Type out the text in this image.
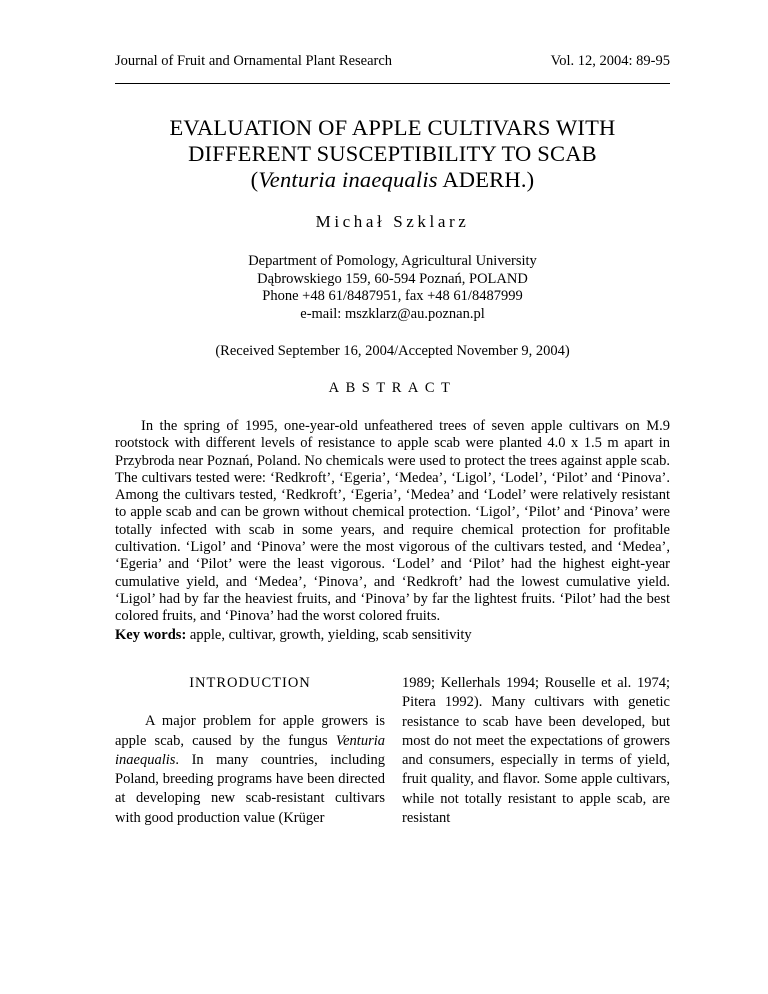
Journal of Fruit and Ornamental Plant Research	Vol. 12, 2004: 89-95
EVALUATION OF APPLE CULTIVARS WITH
DIFFERENT SUSCEPTIBILITY TO SCAB
(Venturia inaequalis ADERH.)
Michał Szklarz
Department of Pomology, Agricultural University
Dąbrowskiego 159, 60-594 Poznań, POLAND
Phone +48 61/8487951, fax +48 61/8487999
e-mail: mszklarz@au.poznan.pl
(Received September 16, 2004/Accepted November 9, 2004)
ABSTRACT

In the spring of 1995, one-year-old unfeathered trees of seven apple cultivars on M.9 rootstock with different levels of resistance to apple scab were planted 4.0 x 1.5 m apart in Przybroda near Poznań, Poland. No chemicals were used to protect the trees against apple scab. The cultivars tested were: ‘Redkroft’, ‘Egeria’, ‘Medea’, ‘Ligol’, ‘Lodel’, ‘Pilot’ and ‘Pinova’. Among the cultivars tested, ‘Redkroft’, ‘Egeria’, ‘Medea’ and ‘Lodel’ were relatively resistant to apple scab and can be grown without chemical protection. ‘Ligol’, ‘Pilot’ and ‘Pinova’ were totally infected with scab in some years, and require chemical protection for profitable cultivation. ‘Ligol’ and ‘Pinova’ were the most vigorous of the cultivars tested, and ‘Medea’, ‘Egeria’ and ‘Pilot’ were the least vigorous. ‘Lodel’ and ‘Pilot’ had the highest eight-year cumulative yield, and ‘Medea’, ‘Pinova’, and ‘Redkroft’ had the lowest cumulative yield. ‘Ligol’ had by far the heaviest fruits, and ‘Pinova’ by far the lightest fruits. ‘Pilot’ had the best colored fruits, and ‘Pinova’ had the worst colored fruits.

Key words: apple, cultivar, growth, yielding, scab sensitivity

INTRODUCTION

A major problem for apple growers is apple scab, caused by the fungus Venturia inaequalis. In many countries, including Poland, breeding programs have been directed at developing new scab-resistant cultivars with good production value (Krüger

1989; Kellerhals 1994; Rouselle et al. 1974; Pitera 1992). Many cultivars with genetic resistance to scab have been developed, but most do not meet the expectations of growers and consumers, especially in terms of yield, fruit quality, and flavor. Some apple cultivars, while not totally resistant to apple scab, are resistant
